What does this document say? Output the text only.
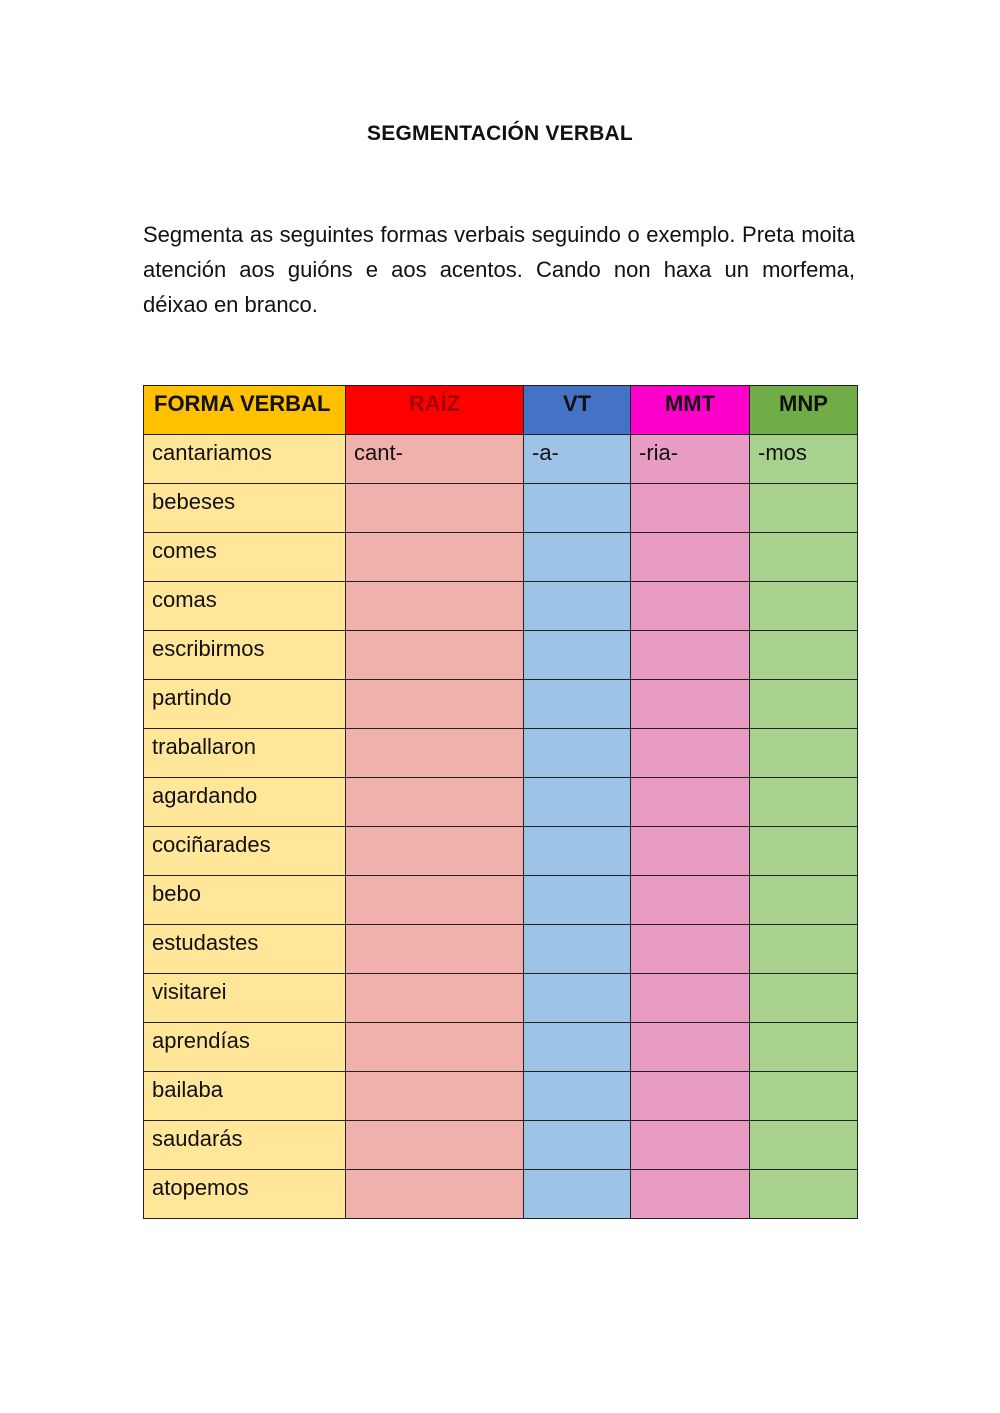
SEGMENTACIÓN VERBAL

Segmenta as seguintes formas verbais seguindo o exemplo. Preta moita atención aos guións e aos acentos. Cando non haxa un morfema, déixao en branco.

FORMA VERBAL	RAÍZ	VT	MMT	MNP
cantariamos	cant-	-a-	-ria-	-mos
bebeses				
comes				
comas				
escribirmos				
partindo				
traballaron				
agardando				
cociñarades				
bebo				
estudastes				
visitarei				
aprendías				
bailaba				
saudarás				
atopemos				
